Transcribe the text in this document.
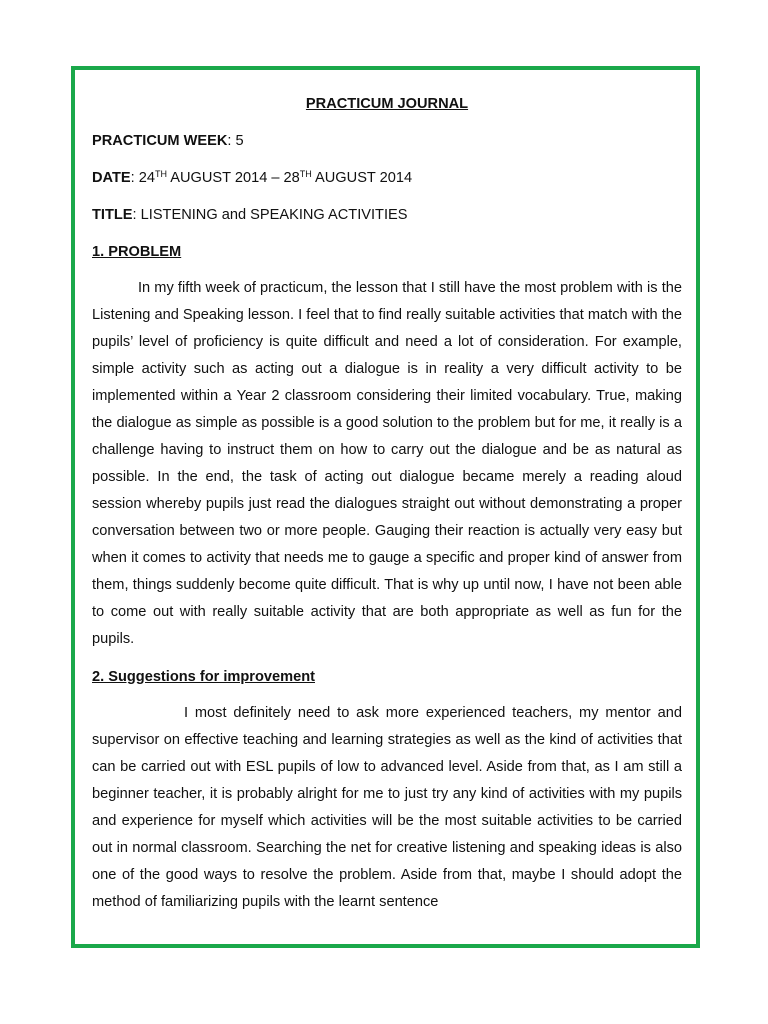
PRACTICUM JOURNAL
PRACTICUM WEEK: 5
DATE: 24TH AUGUST 2014 – 28TH AUGUST 2014
TITLE: LISTENING and SPEAKING ACTIVITIES
1. PROBLEM

In my fifth week of practicum, the lesson that I still have the most problem with is the Listening and Speaking lesson. I feel that to find really suitable activities that match with the pupils’ level of proficiency is quite difficult and need a lot of consideration. For example, simple activity such as acting out a dialogue is in reality a very difficult activity to be implemented within a Year 2 classroom considering their limited vocabulary. True, making the dialogue as simple as possible is a good solution to the problem but for me, it really is a challenge having to instruct them on how to carry out the dialogue and be as natural as possible. In the end, the task of acting out dialogue became merely a reading aloud session whereby pupils just read the dialogues straight out without demonstrating a proper conversation between two or more people. Gauging their reaction is actually very easy but when it comes to activity that needs me to gauge a specific and proper kind of answer from them, things suddenly become quite difficult. That is why up until now, I have not been able to come out with really suitable activity that are both appropriate as well as fun for the pupils.

2. Suggestions for improvement

I most definitely need to ask more experienced teachers, my mentor and supervisor on effective teaching and learning strategies as well as the kind of activities that can be carried out with ESL pupils of low to advanced level. Aside from that, as I am still a beginner teacher, it is probably alright for me to just try any kind of activities with my pupils and experience for myself which activities will be the most suitable activities to be carried out in normal classroom. Searching the net for creative listening and speaking ideas is also one of the good ways to resolve the problem. Aside from that, maybe I should adopt the method of familiarizing pupils with the learnt sentence
